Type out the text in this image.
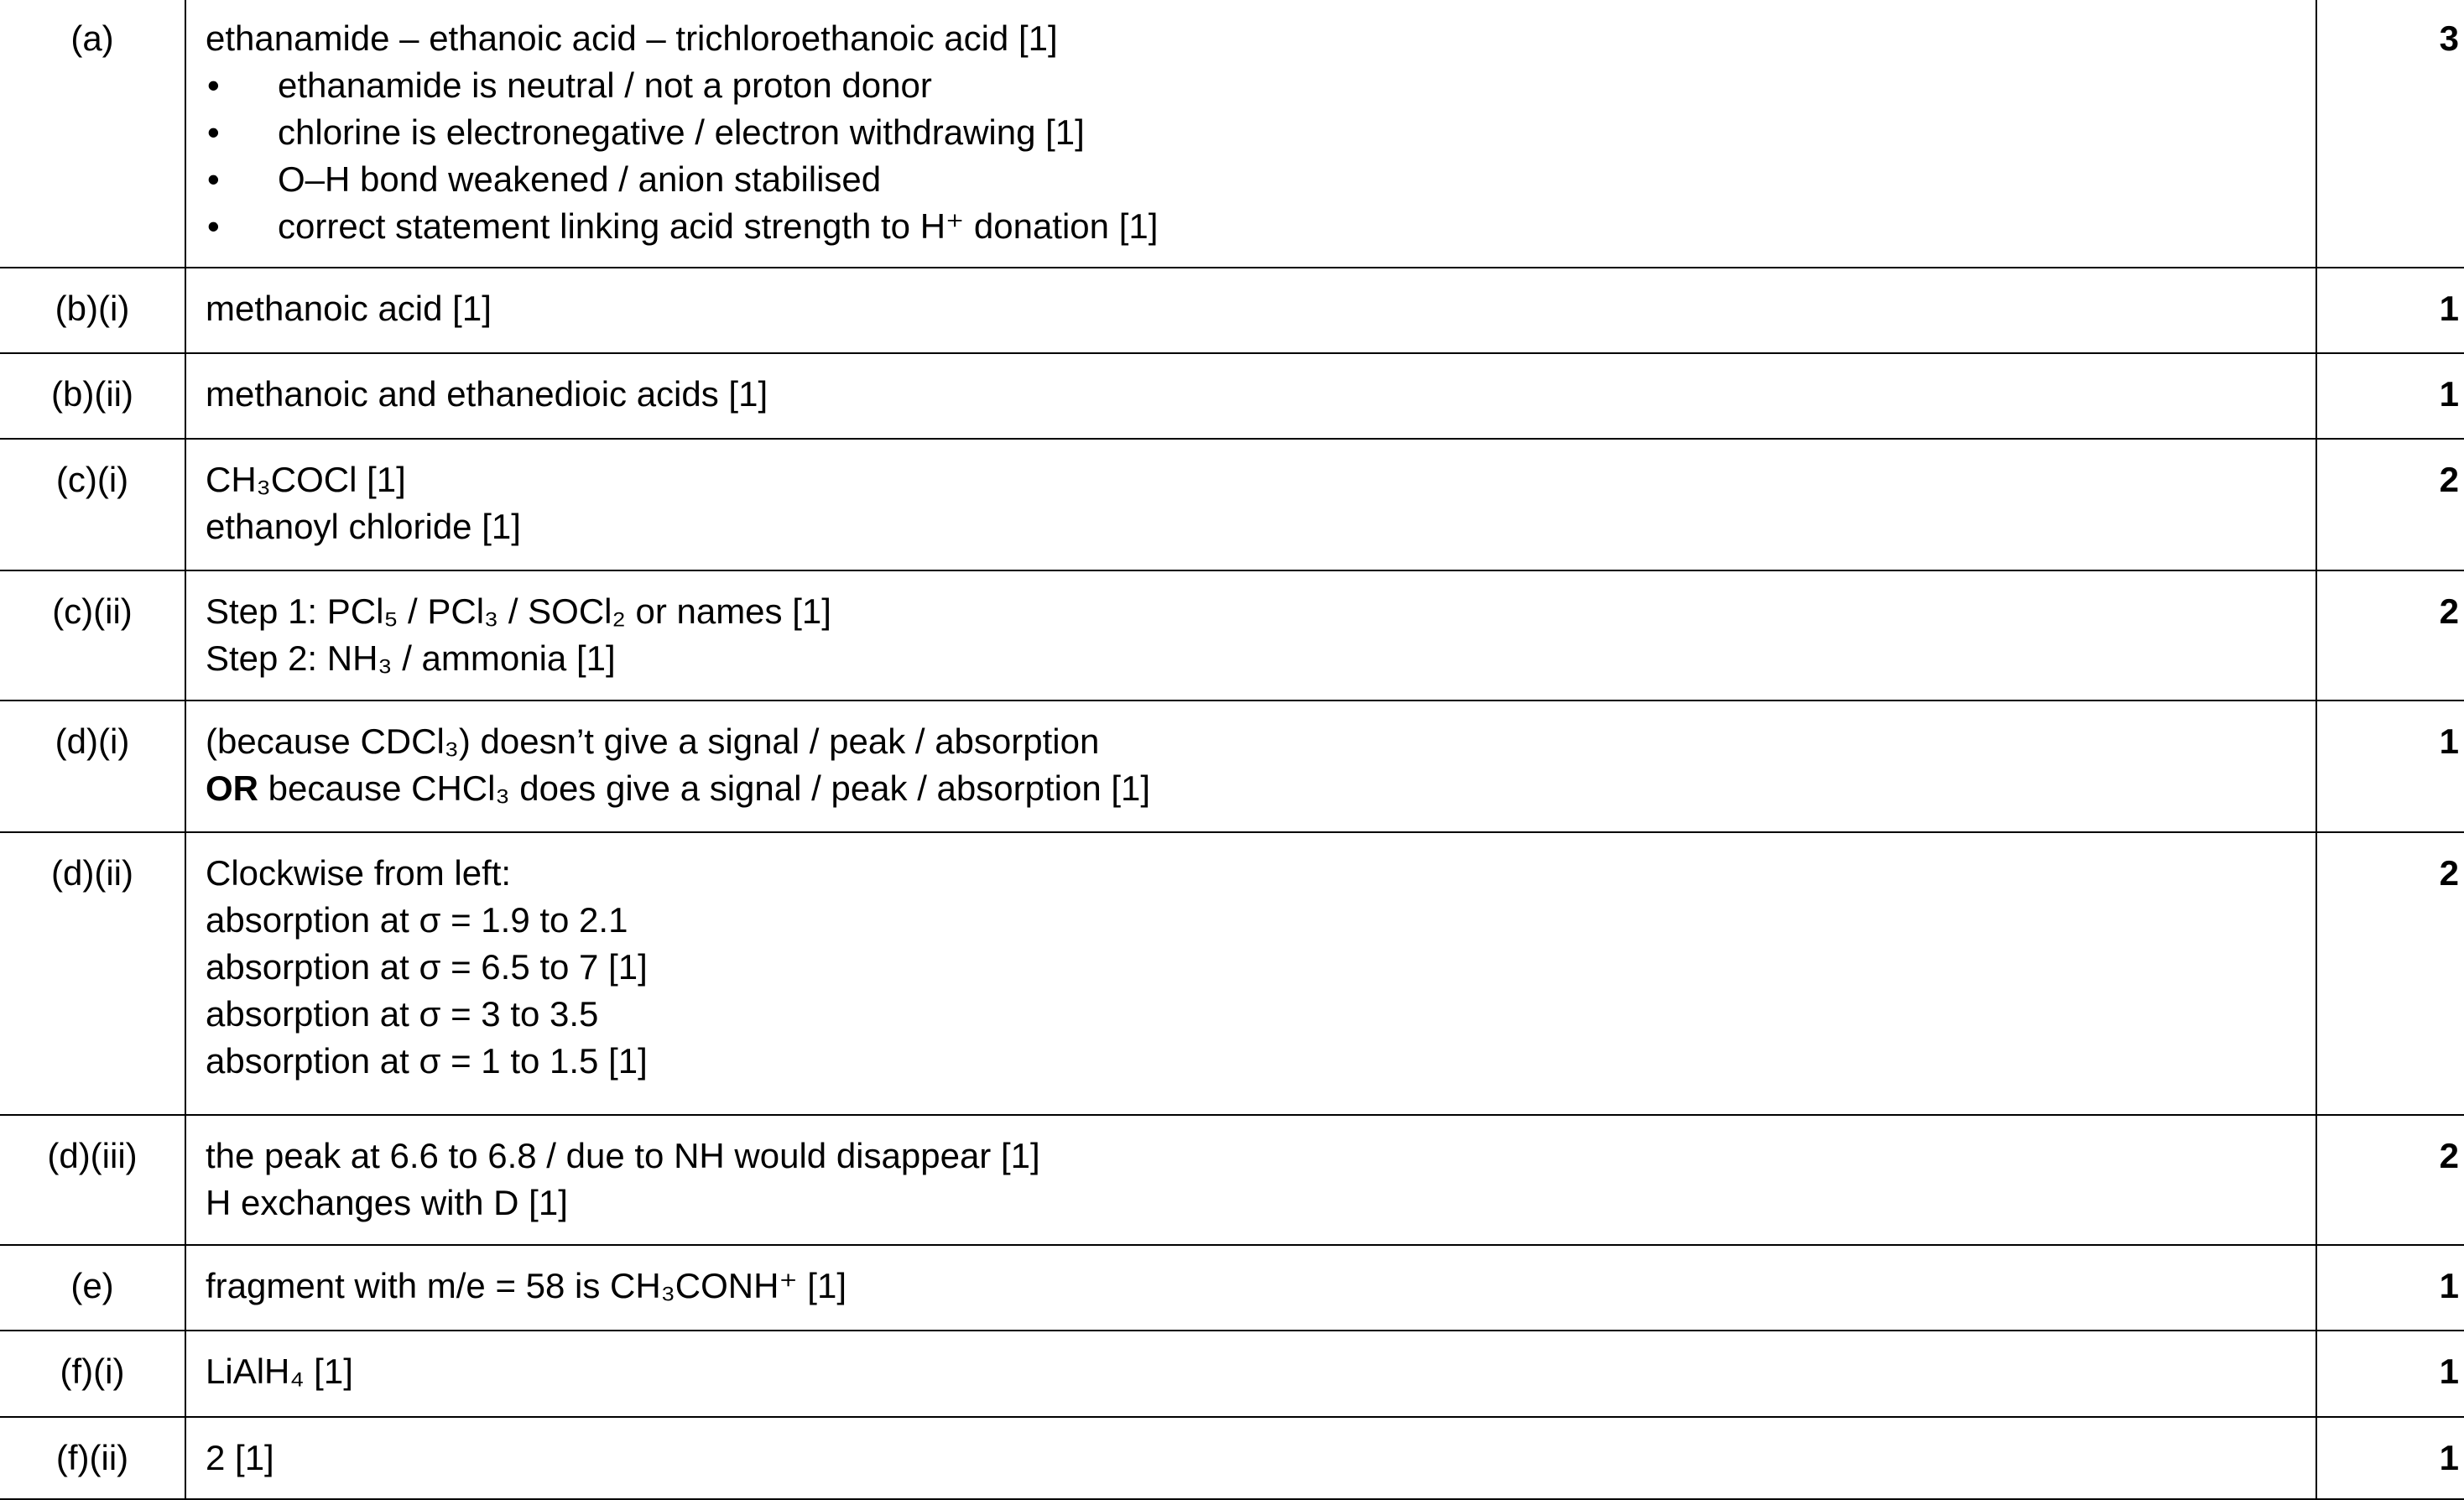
(a)	ethanamide – ethanoic acid – trichloroethanoic acid [1]
• ethanamide is neutral / not a proton donor
• chlorine is electronegative / electron withdrawing [1]
• O–H bond weakened / anion stabilised
• correct statement linking acid strength to H⁺ donation [1]	3
(b)(i)	methanoic acid [1]	1
(b)(ii)	methanoic and ethanedioic acids [1]	1
(c)(i)	CH₃COCl [1]
ethanoyl chloride [1]	2
(c)(ii)	Step 1: PCl₅ / PCl₃ / SOCl₂ or names [1]
Step 2: NH₃ / ammonia [1]	2
(d)(i)	(because CDCl₃) doesn’t give a signal / peak / absorption
OR because CHCl₃ does give a signal / peak / absorption [1]	1
(d)(ii)	Clockwise from left:
absorption at σ = 1.9 to 2.1
absorption at σ = 6.5 to 7 [1]
absorption at σ = 3 to 3.5
absorption at σ = 1 to 1.5 [1]	2
(d)(iii)	the peak at 6.6 to 6.8 / due to NH would disappear [1]
H exchanges with D [1]	2
(e)	fragment with m/e = 58 is CH₃CONH⁺ [1]	1
(f)(i)	LiAlH₄ [1]	1
(f)(ii)	2 [1]	1
